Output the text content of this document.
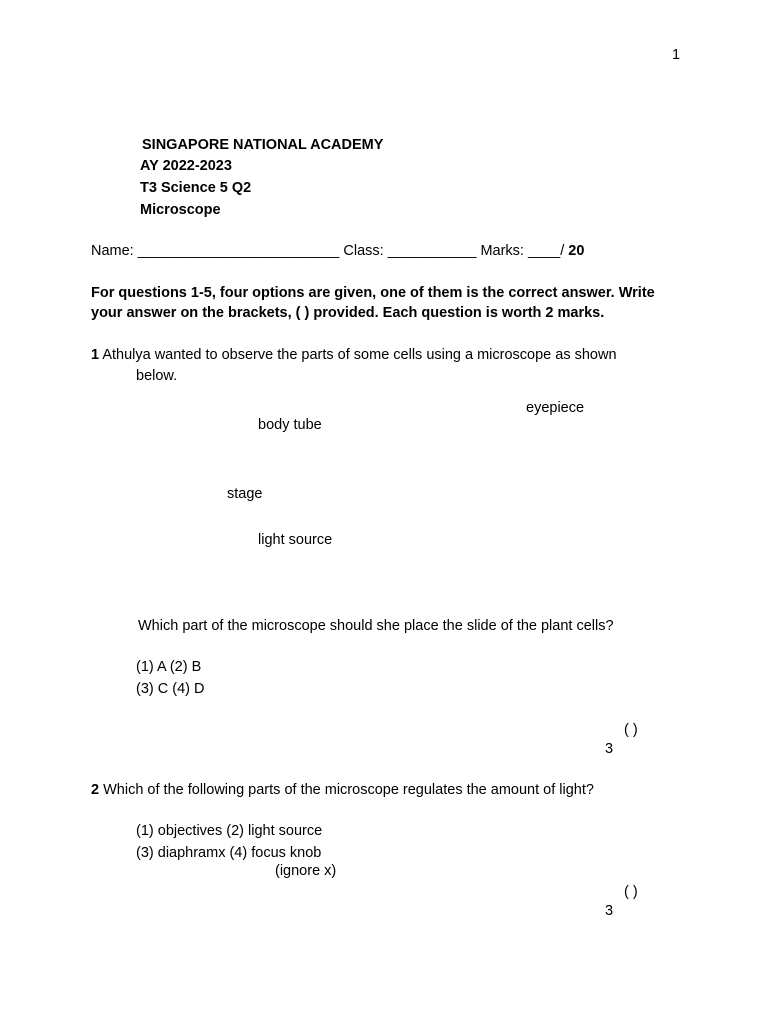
1
SINGAPORE NATIONAL ACADEMY
AY 2022-2023
T3 Science 5 Q2
Microscope
Name: _________________________ Class: ___________ Marks: ____/ 20
For questions 1-5, four options are given, one of them is the correct answer. Write
your answer on the brackets, ( ) provided. Each question is worth 2 marks.
1 Athulya wanted to observe the parts of some cells using a microscope as shown
below.
eyepiece
body tube
stage
light source
Which part of the microscope should she place the slide of the plant cells?
(1) A (2) B
(3) C (4) D
( )
3
2 Which of the following parts of the microscope regulates the amount of light?
(1) objectives (2) light source
(3) diaphramx (4) focus knob
(ignore x)
( )
3
